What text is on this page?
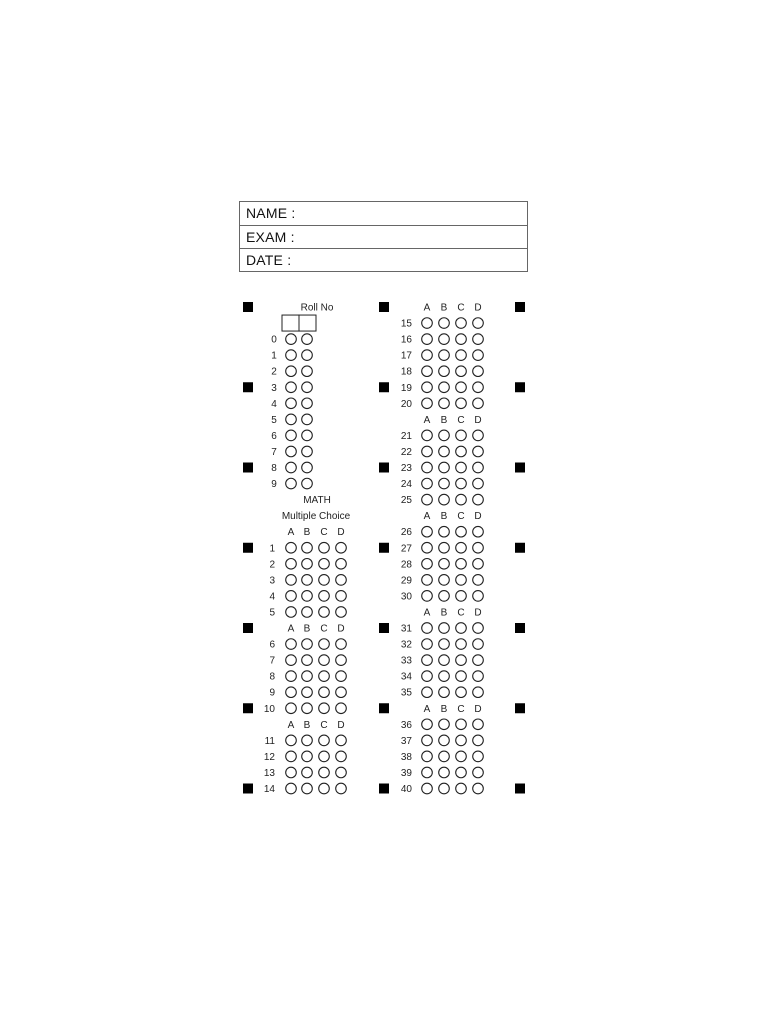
NAME :
EXAM :
DATE :
Roll No
0
1
2
3
4
5
6
7
8
9
MATH
Multiple Choice
A B C D
1
2
3
4
5
A B C D
6
7
8
9
10
A B C D
11
12
13
14
A B C D
15
16
17
18
19
20
A B C D
21
22
23
24
25
A B C D
26
27
28
29
30
A B C D
31
32
33
34
35
A B C D
36
37
38
39
40
